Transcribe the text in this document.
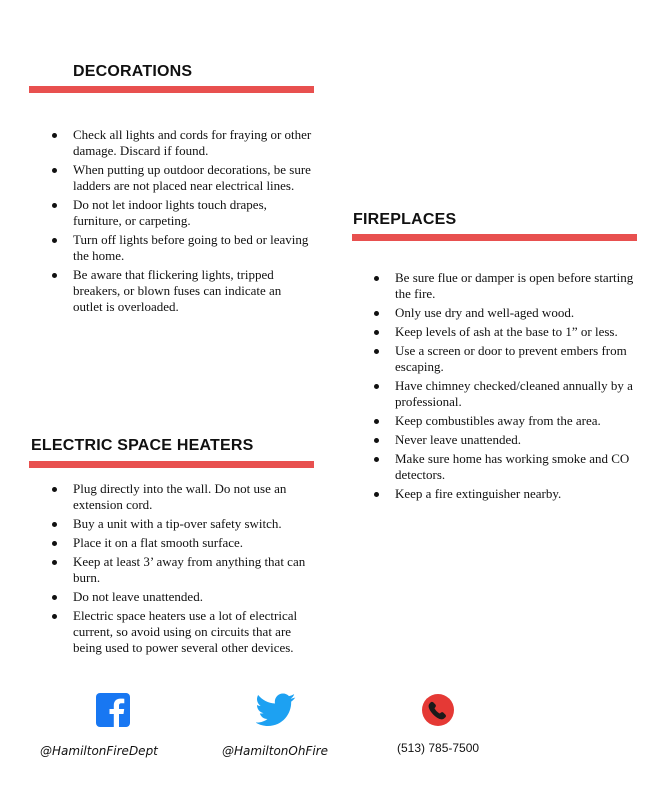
DECORATIONS
Check all lights and cords for fraying or other damage. Discard if found.
When putting up outdoor decorations, be sure ladders are not placed near electrical lines.
Do not let indoor lights touch drapes, furniture, or carpeting.
Turn off lights before going to bed or leaving the home.
Be aware that flickering lights, tripped breakers, or blown fuses can indicate an outlet is overloaded.
FIREPLACES
Be sure flue or damper is open before starting the fire.
Only use dry and well-aged wood.
Keep levels of ash at the base to 1” or less.
Use a screen or door to prevent embers from escaping.
Have chimney checked/cleaned annually by a professional.
Keep combustibles away from the area.
Never leave unattended.
Make sure home has working smoke and CO detectors.
Keep a fire extinguisher nearby.
ELECTRIC SPACE HEATERS
Plug directly into the wall. Do not use an extension cord.
Buy a unit with a tip-over safety switch.
Place it on a flat smooth surface.
Keep at least 3’ away from anything that can burn.
Do not leave unattended.
Electric space heaters use a lot of electrical current, so avoid using on circuits that are being used to power several other devices.
@HamiltonFireDept	@HamiltonOhFire	(513) 785-7500
